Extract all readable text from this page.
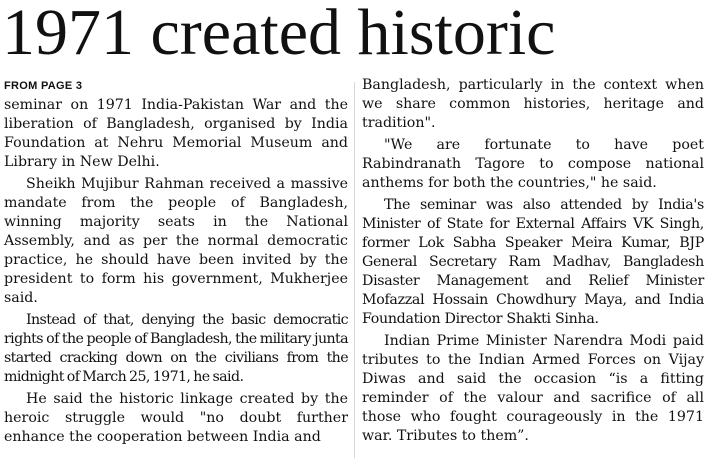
1971 created historic
FROM PAGE 3

seminar on 1971 India-Pakistan War and the liberation of Bangladesh, organised by India Foundation at Nehru Memorial Museum and Library in New Delhi.

Sheikh Mujibur Rahman received a massive mandate from the people of Bangladesh, winning majority seats in the National Assembly, and as per the normal democratic practice, he should have been invited by the president to form his government, Mukherjee said.

Instead of that, denying the basic democratic rights of the people of Bangladesh, the military junta started cracking down on the civilians from the midnight of March 25, 1971, he said.

He said the historic linkage created by the heroic struggle would "no doubt further enhance the cooperation between India and

Bangladesh, particularly in the context when we share common histories, heritage and tradition".

"We are fortunate to have poet Rabindranath Tagore to compose national anthems for both the countries," he said.

The seminar was also attended by India's Minister of State for External Affairs VK Singh, former Lok Sabha Speaker Meira Kumar, BJP General Secretary Ram Madhav, Bangladesh Disaster Management and Relief Minister Mofazzal Hossain Chowdhury Maya, and India Foundation Director Shakti Sinha.

Indian Prime Minister Narendra Modi paid tributes to the Indian Armed Forces on Vijay Diwas and said the occasion “is a fitting reminder of the valour and sacrifice of all those who fought courageously in the 1971 war. Tributes to them”.
